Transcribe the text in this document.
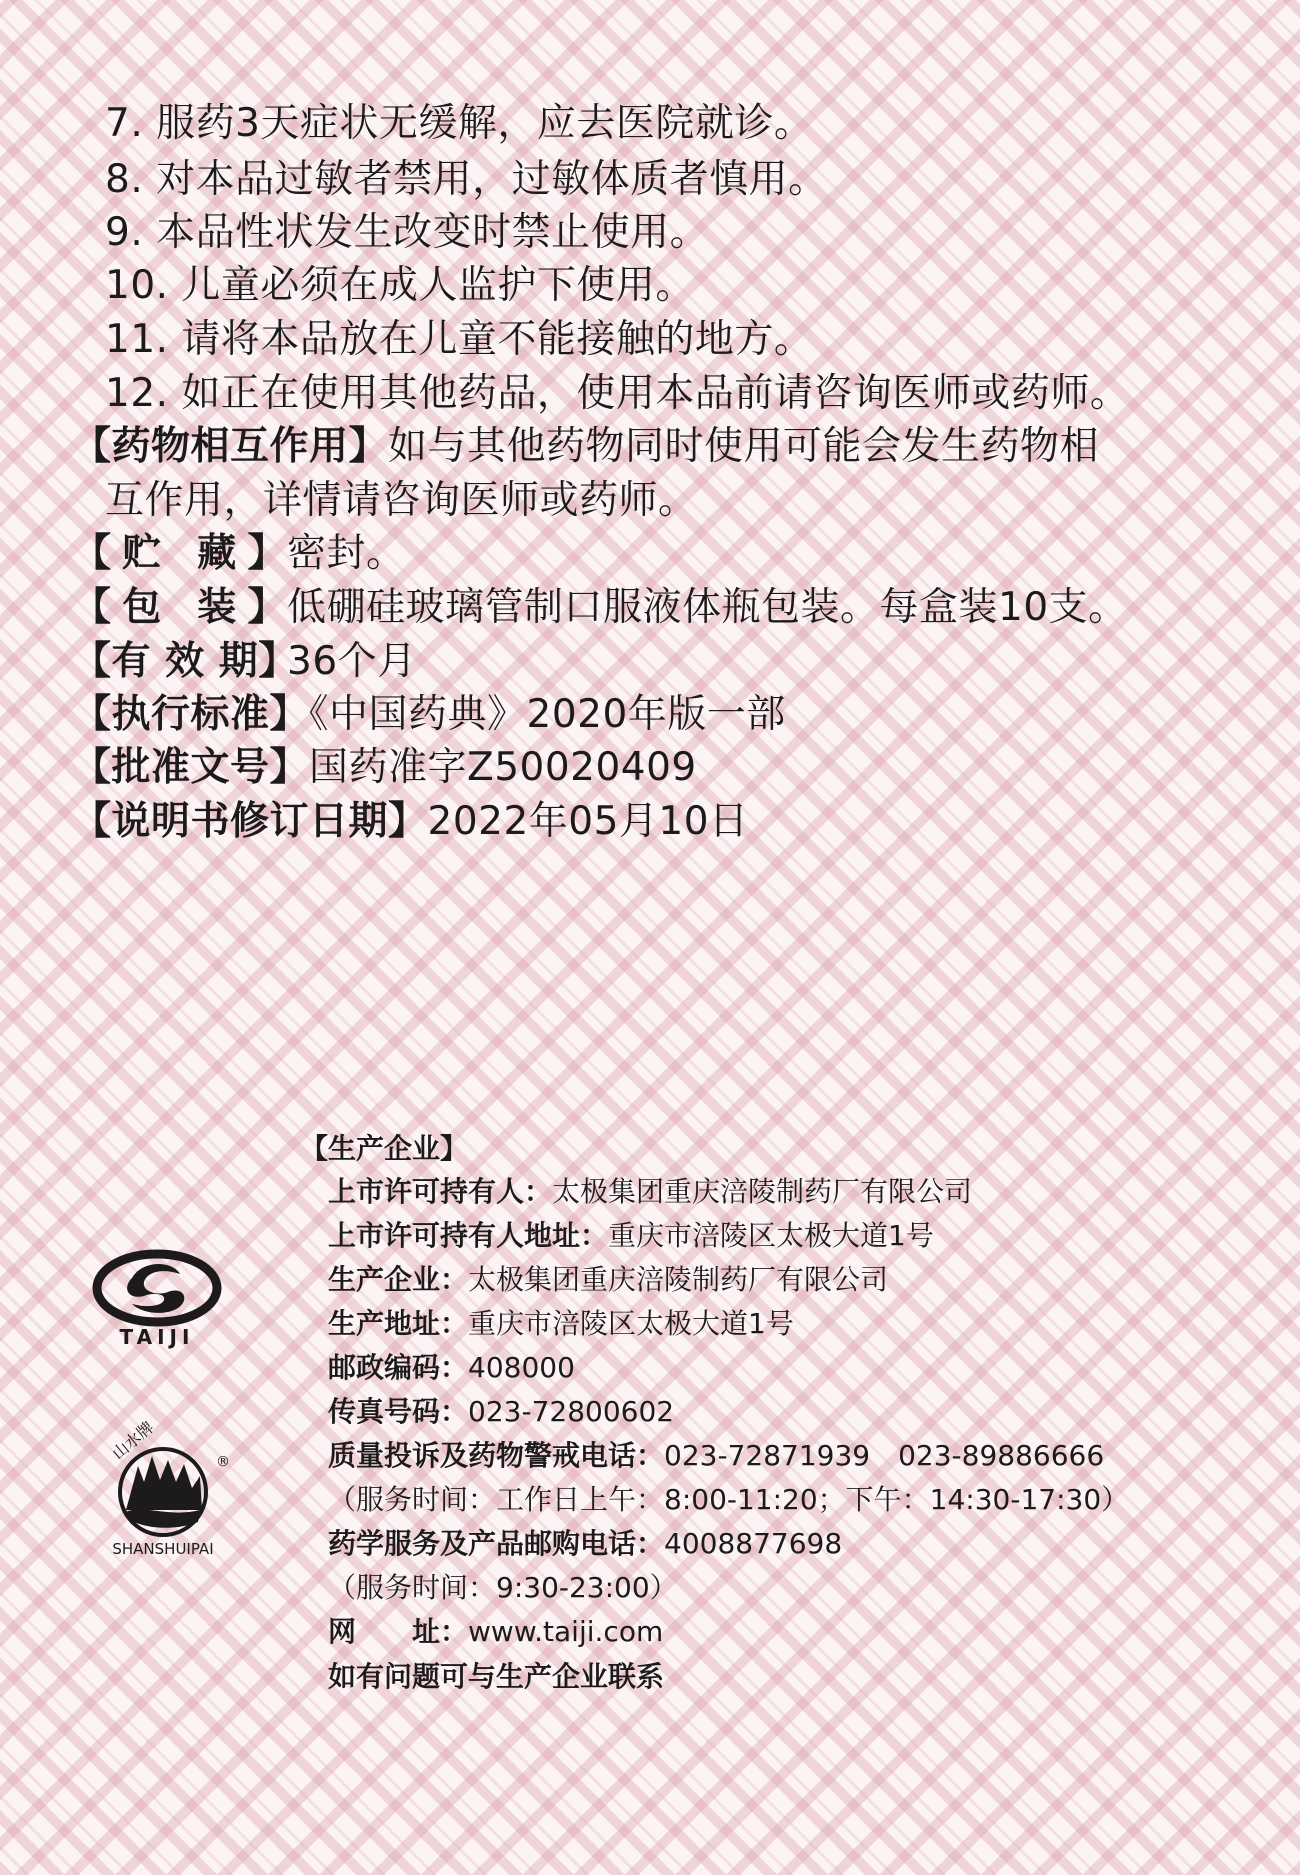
7. 服药3天症状无缓解，应去医院就诊。
8. 对本品过敏者禁用，过敏体质者慎用。
9. 本品性状发生改变时禁止使用。
10. 儿童必须在成人监护下使用。
11. 请将本品放在儿童不能接触的地方。
12. 如正在使用其他药品，使用本品前请咨询医师或药师。
【药物相互作用】如与其他药物同时使用可能会发生药物相
互作用，详情请咨询医师或药师。
【贮 藏】密封。
【包 装】低硼硅玻璃管制口服液体瓶包装。每盒装10支。
【有 效 期】36个月
【执行标准】《中国药典》2020年版一部
【批准文号】国药准字Z50020409
【说明书修订日期】2022年05月10日
【生产企业】
上市许可持有人：太极集团重庆涪陵制药厂有限公司
上市许可持有人地址：重庆市涪陵区太极大道1号
生产企业：太极集团重庆涪陵制药厂有限公司
生产地址：重庆市涪陵区太极大道1号
邮政编码：408000
传真号码：023-72800602
质量投诉及药物警戒电话：023-72871939　023-89886666
（服务时间：工作日上午：8:00-11:20；下午：14:30-17:30）
药学服务及产品邮购电话：4008877698
（服务时间：9:30-23:00）
网　　址：www.taiji.com
如有问题可与生产企业联系
TAIJI
山水牌	®
SHANSHUIPAI
